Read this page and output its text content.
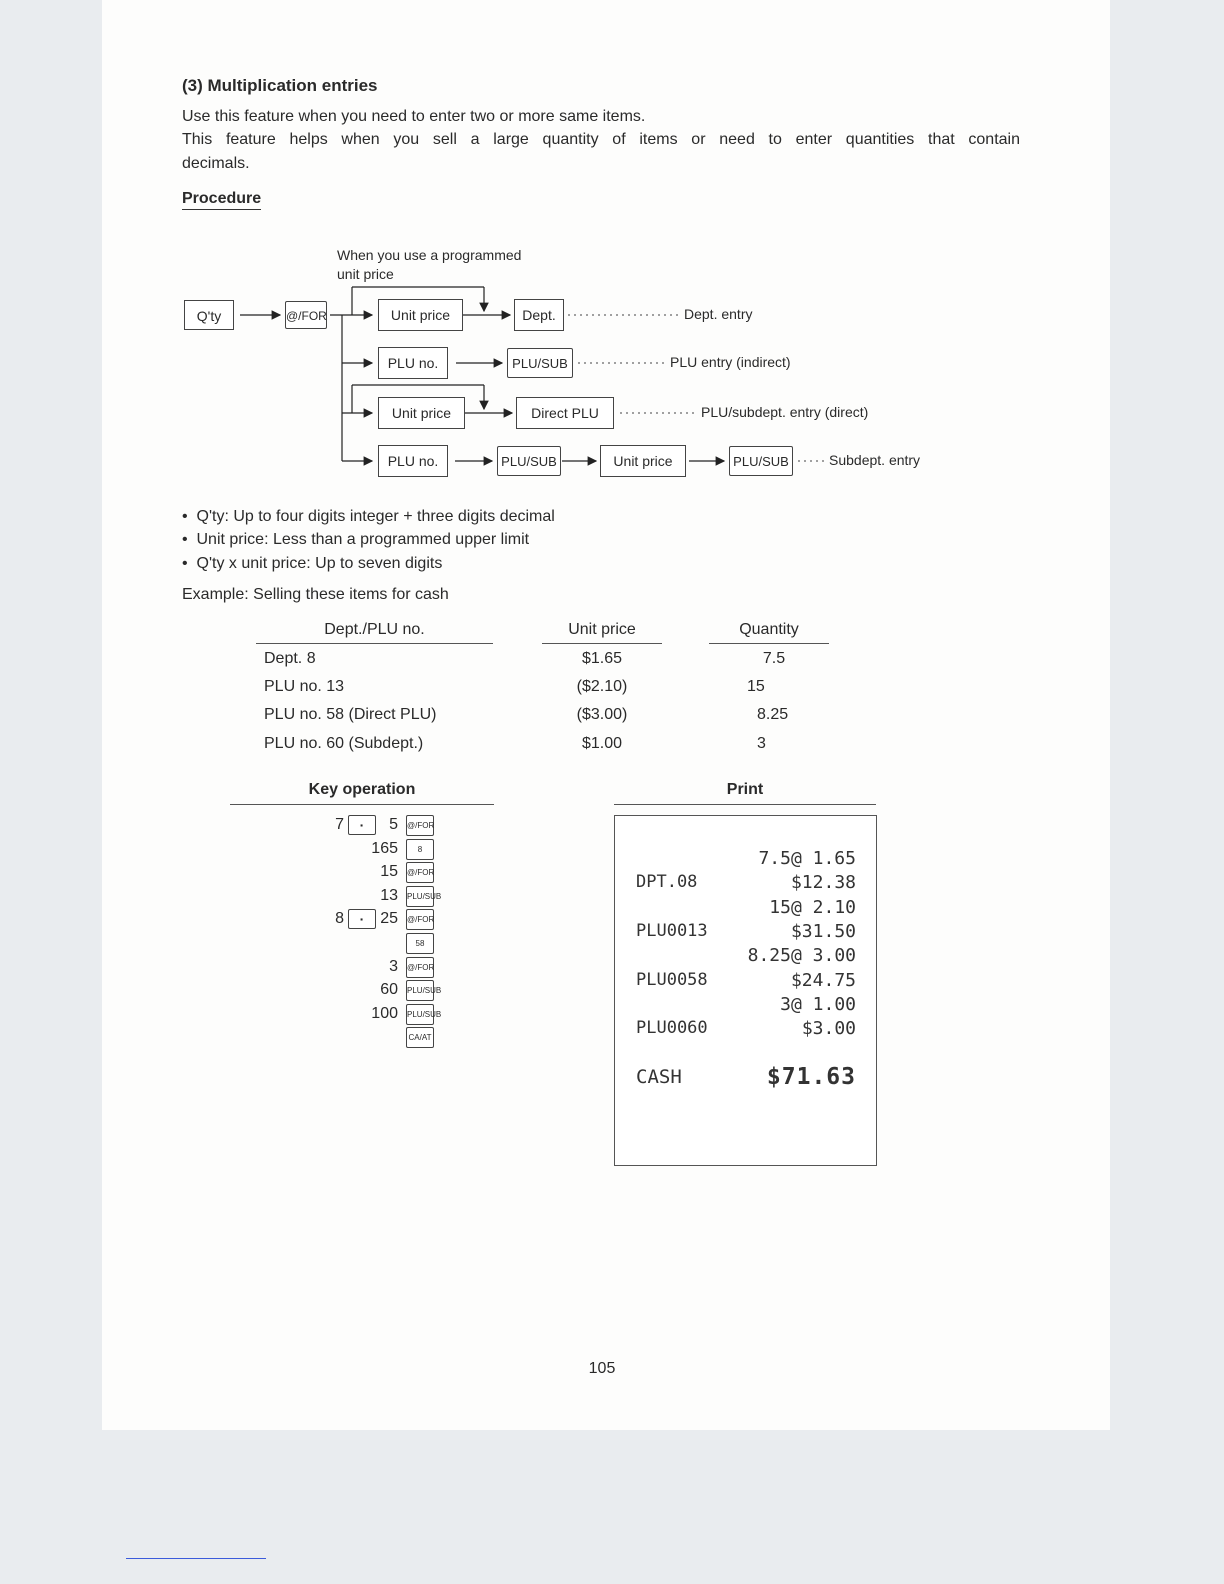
(3) Multiplication entries
Use this feature when you need to enter two or more same items.
This feature helps when you sell a large quantity of items or need to enter quantities that contain
decimals.
Procedure
When you use a programmed
unit price
Q'ty	@/FOR	Unit price	Dept.	Dept. entry
PLU no.	PLU/SUB	PLU entry (indirect)
Unit price	Direct PLU	PLU/subdept. entry (direct)
PLU no.	PLU/SUB	Unit price	PLU/SUB	Subdept. entry
•  Q'ty: Up to four digits integer + three digits decimal
•  Unit price: Less than a programmed upper limit
•  Q'ty x unit price: Up to seven digits
Example: Selling these items for cash
Dept./PLU no.	Unit price	Quantity
Dept. 8	$1.65	7.5
PLU no. 13	($2.10)	15
PLU no. 58 (Direct PLU)	($3.00)	8.25
PLU no. 60 (Subdept.)	$1.00	3
Key operation
7	·	5 @/FOR
165	8
15 @/FOR
13 PLU/SUB
8	· 25 @/FOR
58
3 @/FOR
60 PLU/SUB
100 PLU/SUB
CA/AT
Print
7.5@ 1.65
DPT.08	$12.38
15@ 2.10
PLU0013	$31.50
8.25@ 3.00
PLU0058	$24.75
3@ 1.00
PLU0060	$3.00
CASH	$71.63
105
